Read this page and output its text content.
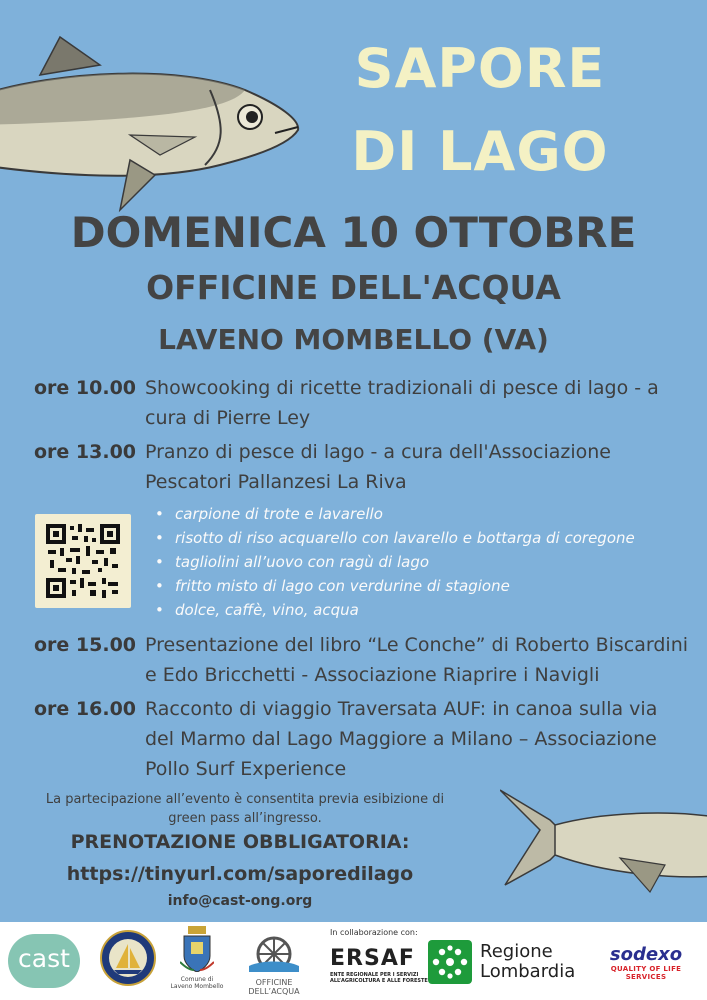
SAPORE
DI LAGO
DOMENICA 10 OTTOBRE
OFFICINE DELL'ACQUA
LAVENO MOMBELLO (VA)
ore 10.00 Showcooking di ricette tradizionali di pesce di lago - a cura di Pierre Ley
ore 13.00 Pranzo di pesce di lago - a cura dell'Associazione Pescatori Pallanzesi La Riva
• carpione di trote e lavarello
• risotto di riso acquarello con lavarello e bottarga di coregone
• tagliolini all’uovo con ragù di lago
• fritto misto di lago con verdurine di stagione
• dolce, caffè, vino, acqua
ore 15.00 Presentazione del libro “Le Conche” di Roberto Biscardini e Edo Bricchetti - Associazione Riaprire i Navigli
ore 16.00 Racconto di viaggio Traversata AUF: in canoa sulla via del Marmo dal Lago Maggiore a Milano – Associazione Pollo Surf Experience
La partecipazione all’evento è consentita previa esibizione di green pass all’ingresso.
PRENOTAZIONE OBBLIGATORIA:
https://tinyurl.com/saporedilago
info@cast-ong.org
cast
Comune di Laveno Mombello	OFFICINE DELL’ACQUA
In collaborazione con:
ERSAF
ENTE REGIONALE PER I SERVIZI ALL’AGRICOLTURA E ALLE FORESTE
Regione
Lombardia
sodexo
QUALITY OF LIFE SERVICES
